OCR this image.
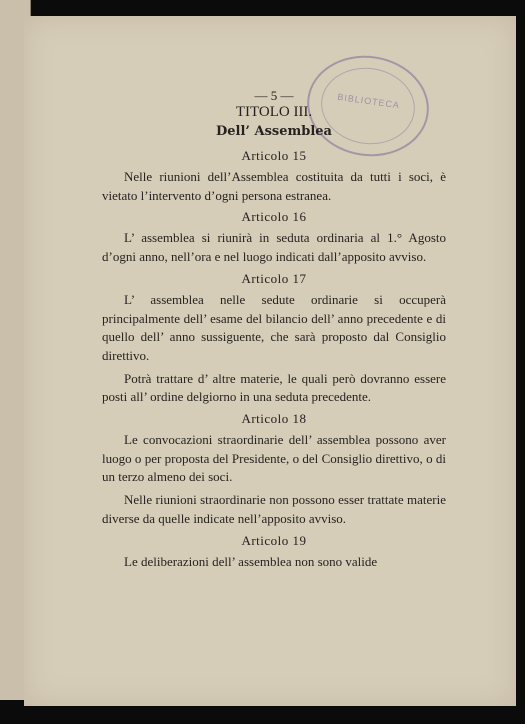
BIBLIOTECA
— 5 —
TITOLO III.
Dell’ Assemblea
Articolo 15

Nelle riunioni dell’Assemblea costituita da tutti i soci, è vietato l’intervento d’ogni persona estranea.

Articolo 16

L’ assemblea si riunirà in seduta ordinaria al 1.° Agosto d’ogni anno, nell’ora e nel luogo indicati dall’apposito avviso.

Articolo 17

L’ assemblea nelle sedute ordinarie si occuperà principalmente dell’ esame del bilancio dell’ anno precedente e di quello dell’ anno sussiguente, che sarà proposto dal Consiglio direttivo.

Potrà trattare d’ altre materie, le quali però dovranno essere posti all’ ordine delgiorno in una seduta precedente.

Articolo 18

Le convocazioni straordinarie dell’ assemblea possono aver luogo o per proposta del Presidente, o del Consiglio direttivo, o di un terzo almeno dei soci.

Nelle riunioni straordinarie non possono esser trattate materie diverse da quelle indicate nell’apposito avviso.

Articolo 19

Le deliberazioni dell’ assemblea non sono valide
